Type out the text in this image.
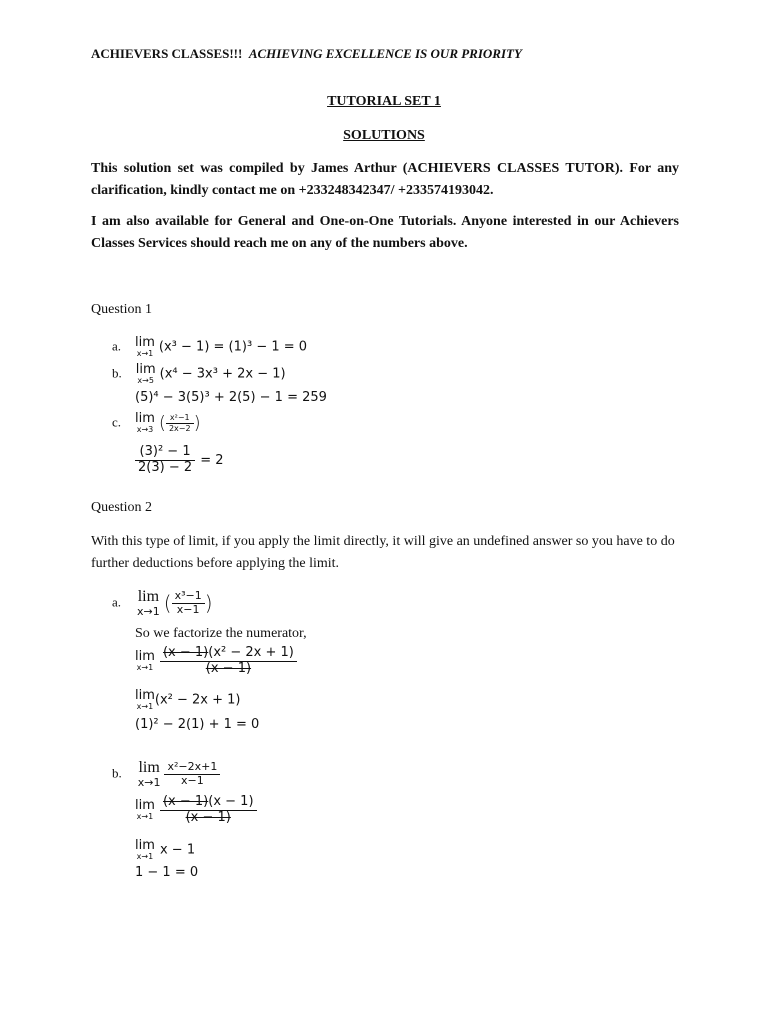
ACHIEVERS CLASSES!!! ACHIEVING EXCELLENCE IS OUR PRIORITY
TUTORIAL SET 1
SOLUTIONS
This solution set was compiled by James Arthur (ACHIEVERS CLASSES TUTOR). For any clarification, kindly contact me on +233248342347/ +233574193042.
I am also available for General and One-on-One Tutorials. Anyone interested in our Achievers Classes Services should reach me on any of the numbers above.
Question 1
a. lim
x→1 (x³ − 1) = (1)³ − 1 = 0
b. lim
x→5 (x⁴ − 3x³ + 2x − 1)
(5)⁴ − 3(5)³ + 2(5) − 1 = 259
c. lim
x→3 ( $\frac{\text{x²−1}}{2x-2}$ )
$\frac{\text{(3)² − 1}}{2(3) - 2} = 2$
Question 2
With this type of limit, if you apply the limit directly, it will give an undefined answer so you have to do further deductions before applying the limit.
a. lim
x→1 ( $\frac{\text{x³−1}}{x-1}$ )
So we factorize the numerator,
lim
x→1
$\frac{\text{(x − 1)(x² − 2x + 1)}}{(x - 1)}$
lim
x→1 (x² − 2x + 1)
(1)² − 2(1) + 1 = 0
b. lim
x→1
$\frac{\text{x²−2x+1}}{x-1}$
lim
x→1
$\frac{(x - 1)(x - 1)}{(x - 1)}$
lim
x→1 x − 1
1 − 1 = 0
